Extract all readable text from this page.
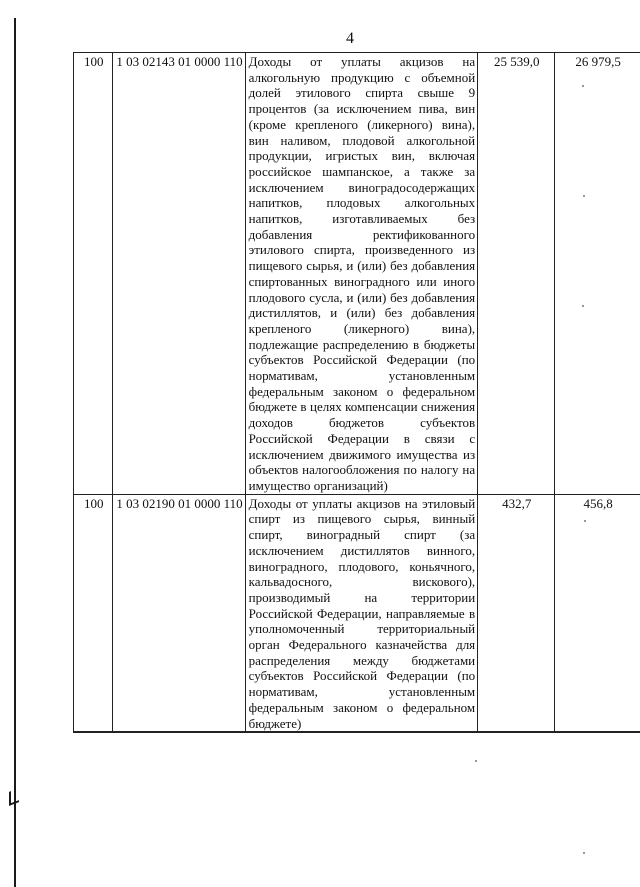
4
100	1 03 02143 01 0000 110	Доходы от уплаты акцизов на алкогольную продукцию с объемной долей этилового спирта свыше 9 процентов (за исключением пива, вин (кроме крепленого (ликерного) вина), вин наливом, плодовой алкогольной продукции, игристых вин, включая российское шампанское, а также за исключением виноградосодержащих напитков, плодовых алкогольных напитков, изготавливаемых без добавления ректификованного этилового спирта, произведенного из пищевого сырья, и (или) без добавления спиртованных виноградного или иного плодового сусла, и (или) без добавления дистиллятов, и (или) без добавления крепленого (ликерного) вина), подлежащие распределению в бюджеты субъектов Российской Федерации (по нормативам, установленным федеральным законом о федеральном бюджете в целях компенсации снижения доходов бюджетов субъектов Российской Федерации в связи с исключением движимого имущества из объектов налогообложения по налогу на имущество организаций)	25 539,0	26 979,5
100	1 03 02190 01 0000 110	Доходы от уплаты акцизов на этиловый спирт из пищевого сырья, винный спирт, виноградный спирт (за исключением дистиллятов винного, виноградного, плодового, коньячного, кальвадосного, вискового), производимый на территории Российской Федерации, направляемые в уполномоченный территориальный орган Федерального казначейства для распределения между бюджетами субъектов Российской Федерации (по нормативам, установленным федеральным законом о федеральном бюджете)	432,7	456,8
